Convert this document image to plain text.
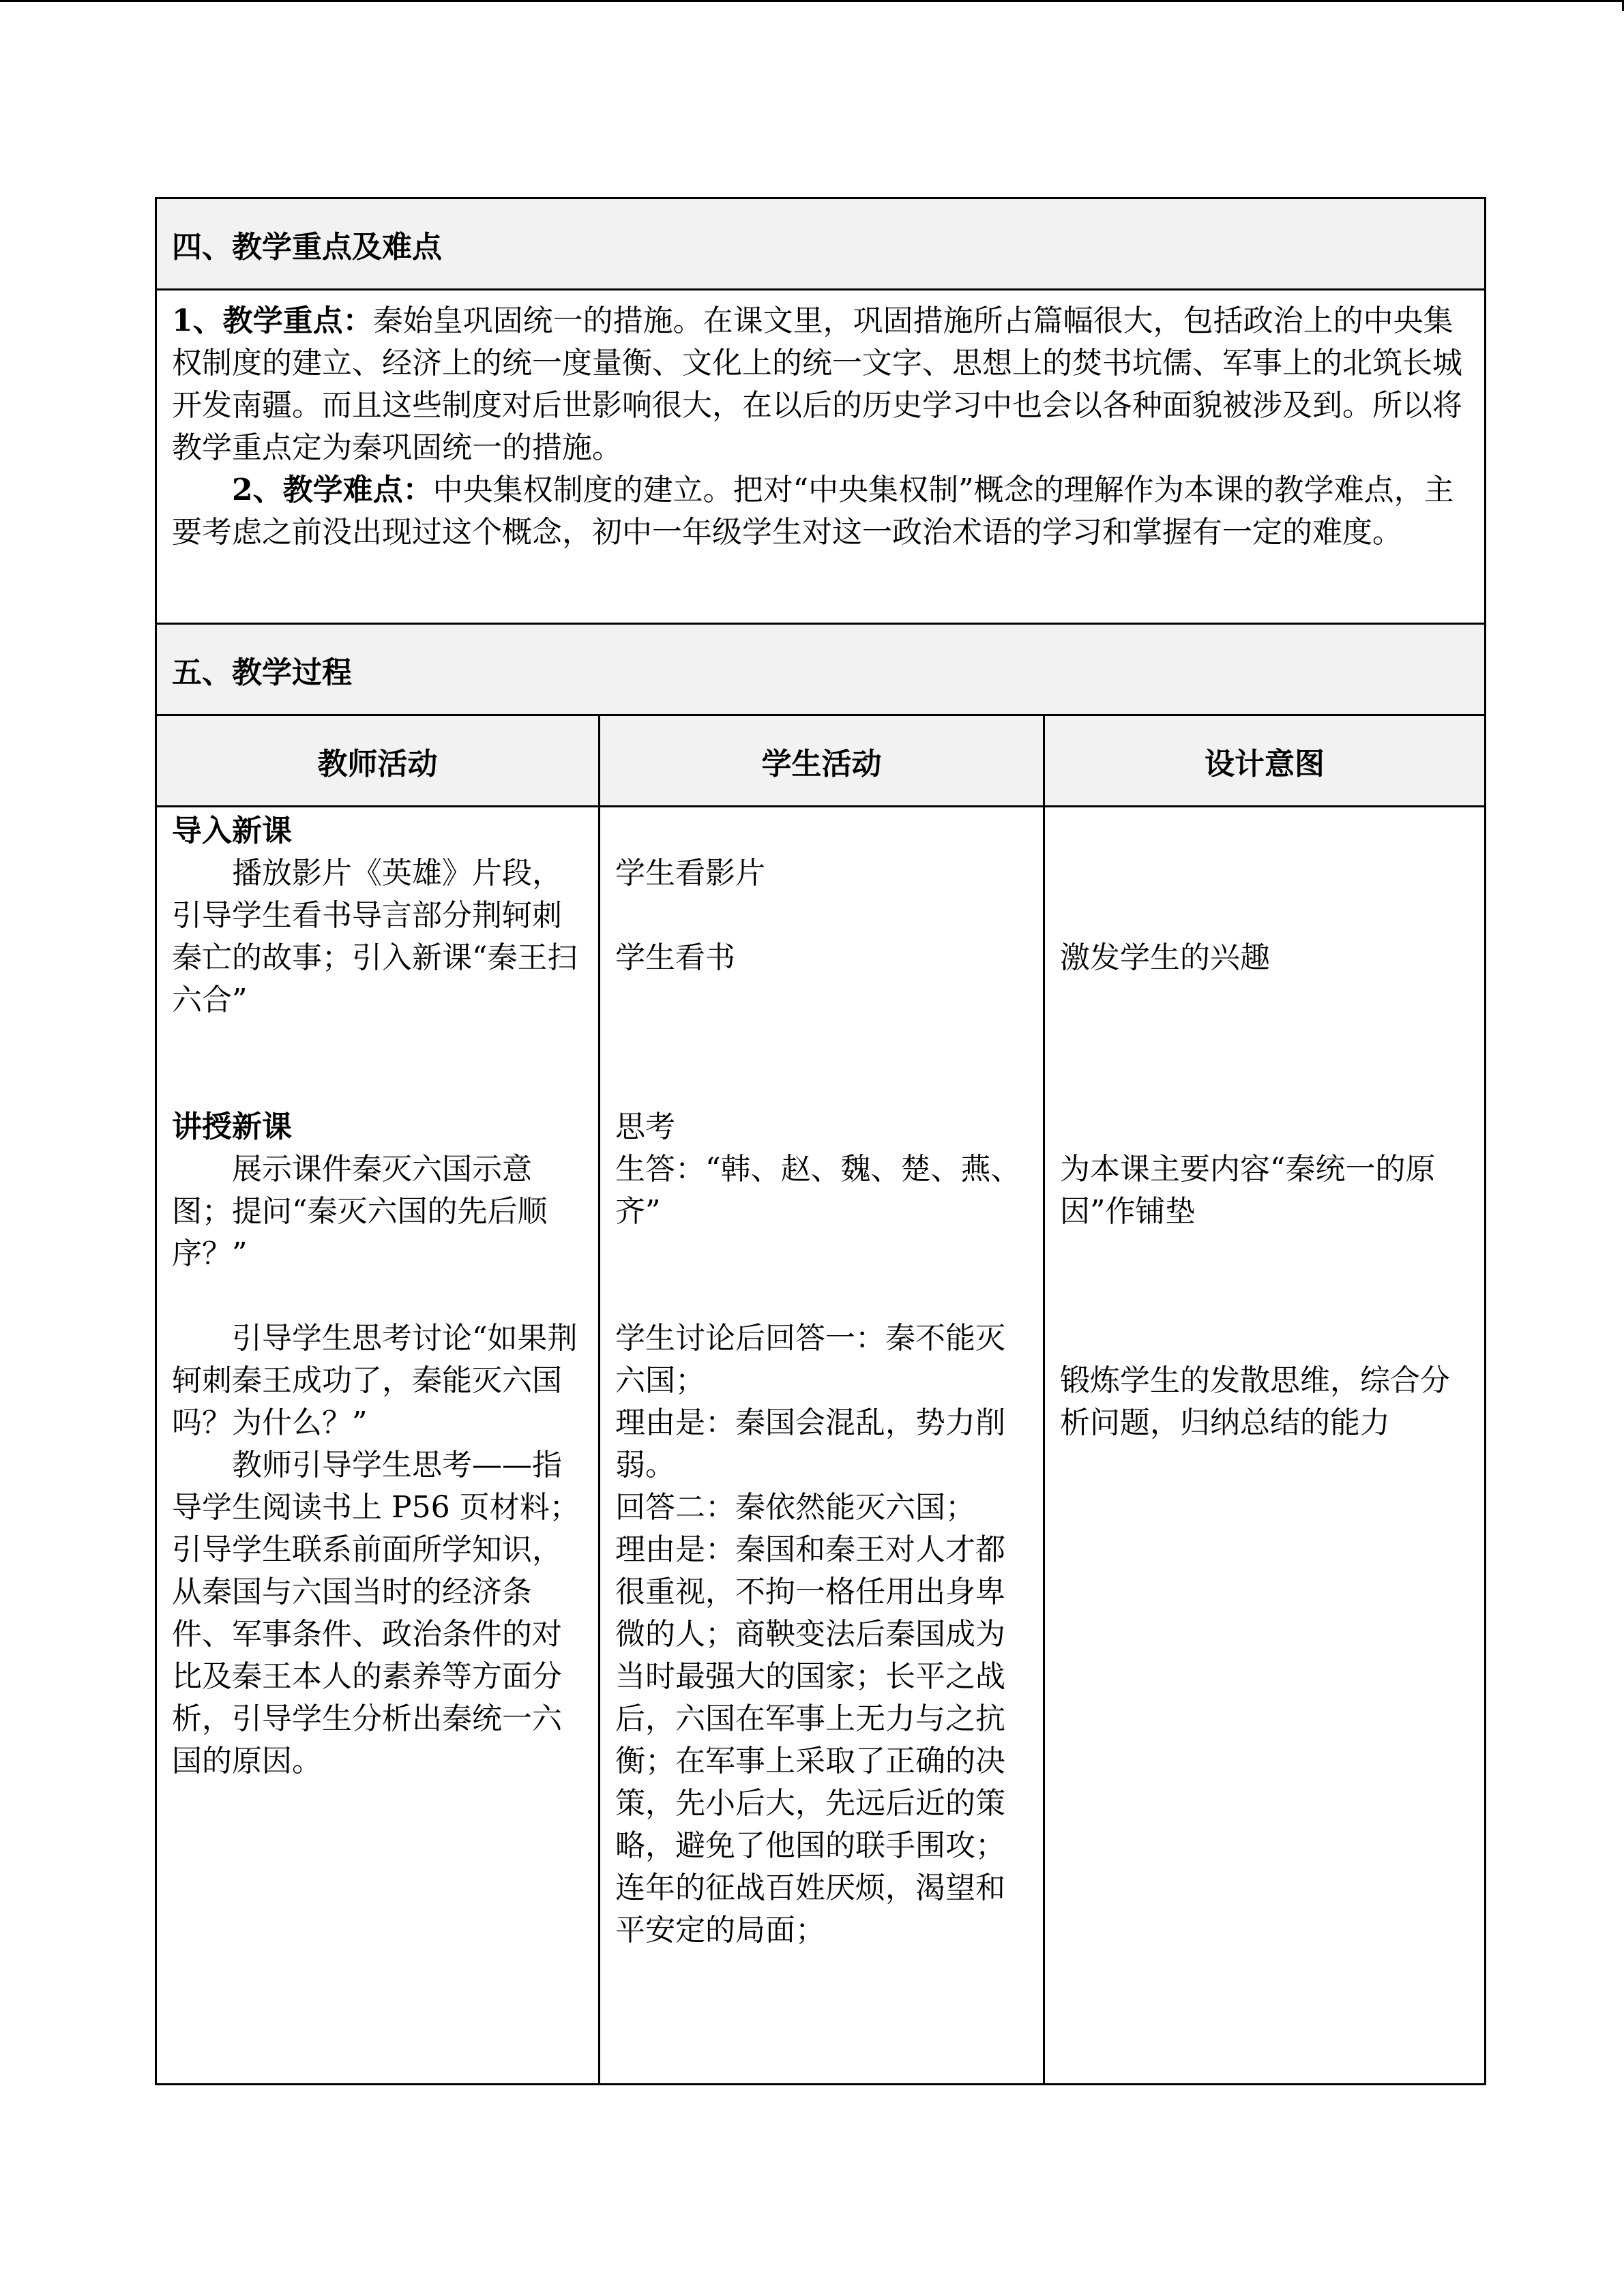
四、教学重点及难点

1、教学重点：秦始皇巩固统一的措施。在课文里，巩固措施所占篇幅很大，包括政治上的中央集权制度的建立、经济上的统一度量衡、文化上的统一文字、思想上的焚书坑儒、军事上的北筑长城开发南疆。而且这些制度对后世影响很大，在以后的历史学习中也会以各种面貌被涉及到。所以将教学重点定为秦巩固统一的措施。

2、教学难点：中央集权制度的建立。把对“中央集权制”概念的理解作为本课的教学难点，主要考虑之前没出现过这个概念，初中一年级学生对这一政治术语的学习和掌握有一定的难度。

五、教学过程
教师活动	学生活动	设计意图

导入新课

播放影片《英雄》片段，引导学生看书导言部分荆轲刺秦亡的故事；引入新课“秦王扫六合”

讲授新课

展示课件秦灭六国示意图；提问“秦灭六国的先后顺序？”

引导学生思考讨论“如果荆轲刺秦王成功了，秦能灭六国吗？为什么？”

教师引导学生思考——指导学生阅读书上 P56 页材料；引导学生联系前面所学知识，从秦国与六国当时的经济条件、军事条件、政治条件的对比及秦王本人的素养等方面分析，引导学生分析出秦统一六国的原因。

学生看影片

学生看书

思考

生答：“韩、赵、魏、楚、燕、齐”

学生讨论后回答一：秦不能灭六国；

理由是：秦国会混乱，势力削弱。

回答二：秦依然能灭六国；

理由是：秦国和秦王对人才都很重视，不拘一格任用出身卑微的人；商鞅变法后秦国成为当时最强大的国家；长平之战后，六国在军事上无力与之抗衡；在军事上采取了正确的决策，先小后大，先远后近的策略，避免了他国的联手围攻；连年的征战百姓厌烦，渴望和平安定的局面；

激发学生的兴趣

为本课主要内容“秦统一的原因”作铺垫

锻炼学生的发散思维，综合分析问题，归纳总结的能力
